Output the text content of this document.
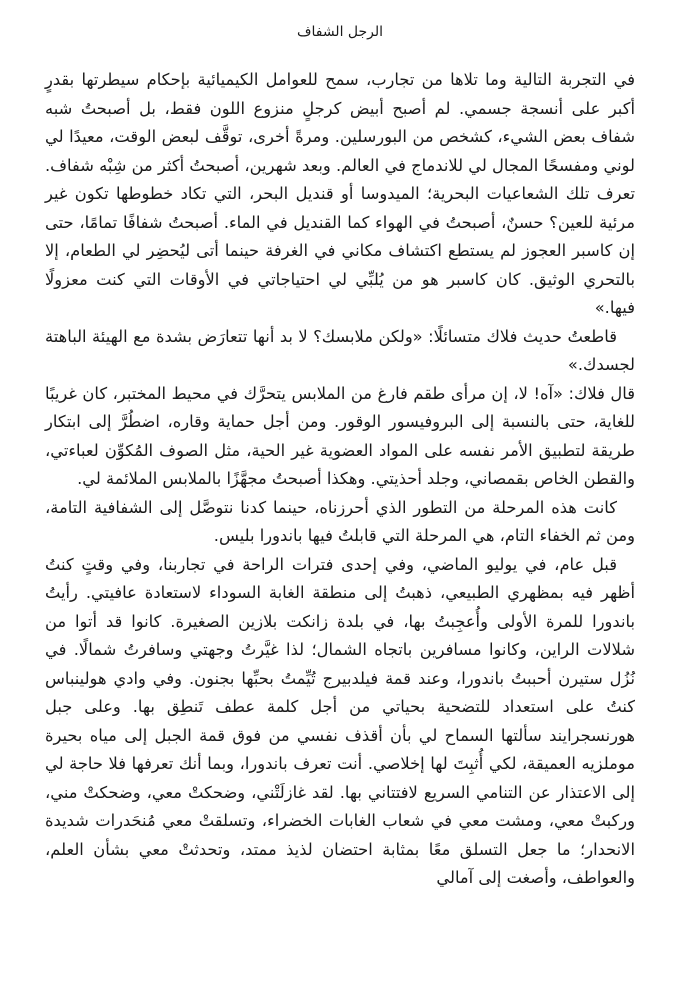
الرجل الشفاف

في التجربة التالية وما تلاها من تجارب، سمح للعوامل الكيميائية بإحكام سيطرتها بقدرٍ أكبر على أنسجة جسمي. لم أصبح أبيض كرجلٍ منزوع اللون فقط، بل أصبحتُ شبه شفاف بعض الشيء، كشخص من البورسلين. ومرةً أخرى، توقَّف لبعض الوقت، معيدًا لي لوني ومفسحًا المجال لي للاندماج في العالم. وبعد شهرين، أصبحتُ أكثر من شِبْه شفاف. تعرف تلك الشعاعيات البحرية؛ الميدوسا أو قنديل البحر، التي تكاد خطوطها تكون غير مرئية للعين؟ حسنٌ، أصبحتُ في الهواء كما القنديل في الماء. أصبحتُ شفافًا تمامًا، حتى إن كاسبر العجوز لم يستطع اكتشاف مكاني في الغرفة حينما أتى ليُحضِر لي الطعام، إلا بالتحري الوثيق. كان كاسبر هو من يُلبِّي لي احتياجاتي في الأوقات التي كنت معزولًا فيها.»

قاطعتُ حديث فلاك متسائلًا: «ولكن ملابسك؟ لا بد أنها تتعارَض بشدة مع الهيئة الباهتة لجسدك.»

قال فلاك: «آه! لا، إن مرأى طقم فارغ من الملابس يتحرَّك في محيط المختبر، كان غريبًا للغاية، حتى بالنسبة إلى البروفيسور الوقور. ومن أجل حماية وقاره، اضطُرَّ إلى ابتكار طريقة لتطبيق الأمر نفسه على المواد العضوية غير الحية، مثل الصوف المُكوِّن لعباءتي، والقطن الخاص بقمصاني، وجلد أحذيتي. وهكذا أصبحتُ مجهَّزًا بالملابس الملائمة لي.

كانت هذه المرحلة من التطور الذي أحرزناه، حينما كدنا نتوصَّل إلى الشفافية التامة، ومن ثم الخفاء التام، هي المرحلة التي قابلتُ فيها باندورا بليس.

قبل عام، في يوليو الماضي، وفي إحدى فترات الراحة في تجاربنا، وفي وقتٍ كنتُ أظهر فيه بمظهري الطبيعي، ذهبتُ إلى منطقة الغابة السوداء لاستعادة عافيتي. رأيتُ باندورا للمرة الأولى وأُعجِبتُ بها، في بلدة زانكت بلازين الصغيرة. كانوا قد أتوا من شلالات الراين، وكانوا مسافرين باتجاه الشمال؛ لذا غيَّرتُ وجهتي وسافرتُ شمالًا. في نُزُل ستيرن أحببتُ باندورا، وعند قمة فيلدبيرج تُيِّمتُ بحبِّها بجنون. وفي وادي هولينباس كنتُ على استعداد للتضحية بحياتي من أجل كلمة عطف تَنطِق بها. وعلى جبل هورنسجرايند سألتها السماح لي بأن أقذف نفسي من فوق قمة الجبل إلى مياه بحيرة موملزيه العميقة، لكي أُثبِتَ لها إخلاصي. أنت تعرف باندورا، وبما أنك تعرفها فلا حاجة لي إلى الاعتذار عن التنامي السريع لافتتاني بها. لقد غازلَتْني، وضحكتْ معي، وضحكتْ مني، وركبتْ معي، ومشت معي في شعاب الغابات الخضراء، وتسلقتْ معي مُنحَدرات شديدة الانحدار؛ ما جعل التسلق معًا بمثابة احتضان لذيذ ممتد، وتحدثتْ معي بشأن العلم، والعواطف، وأصغت إلى آمالي
